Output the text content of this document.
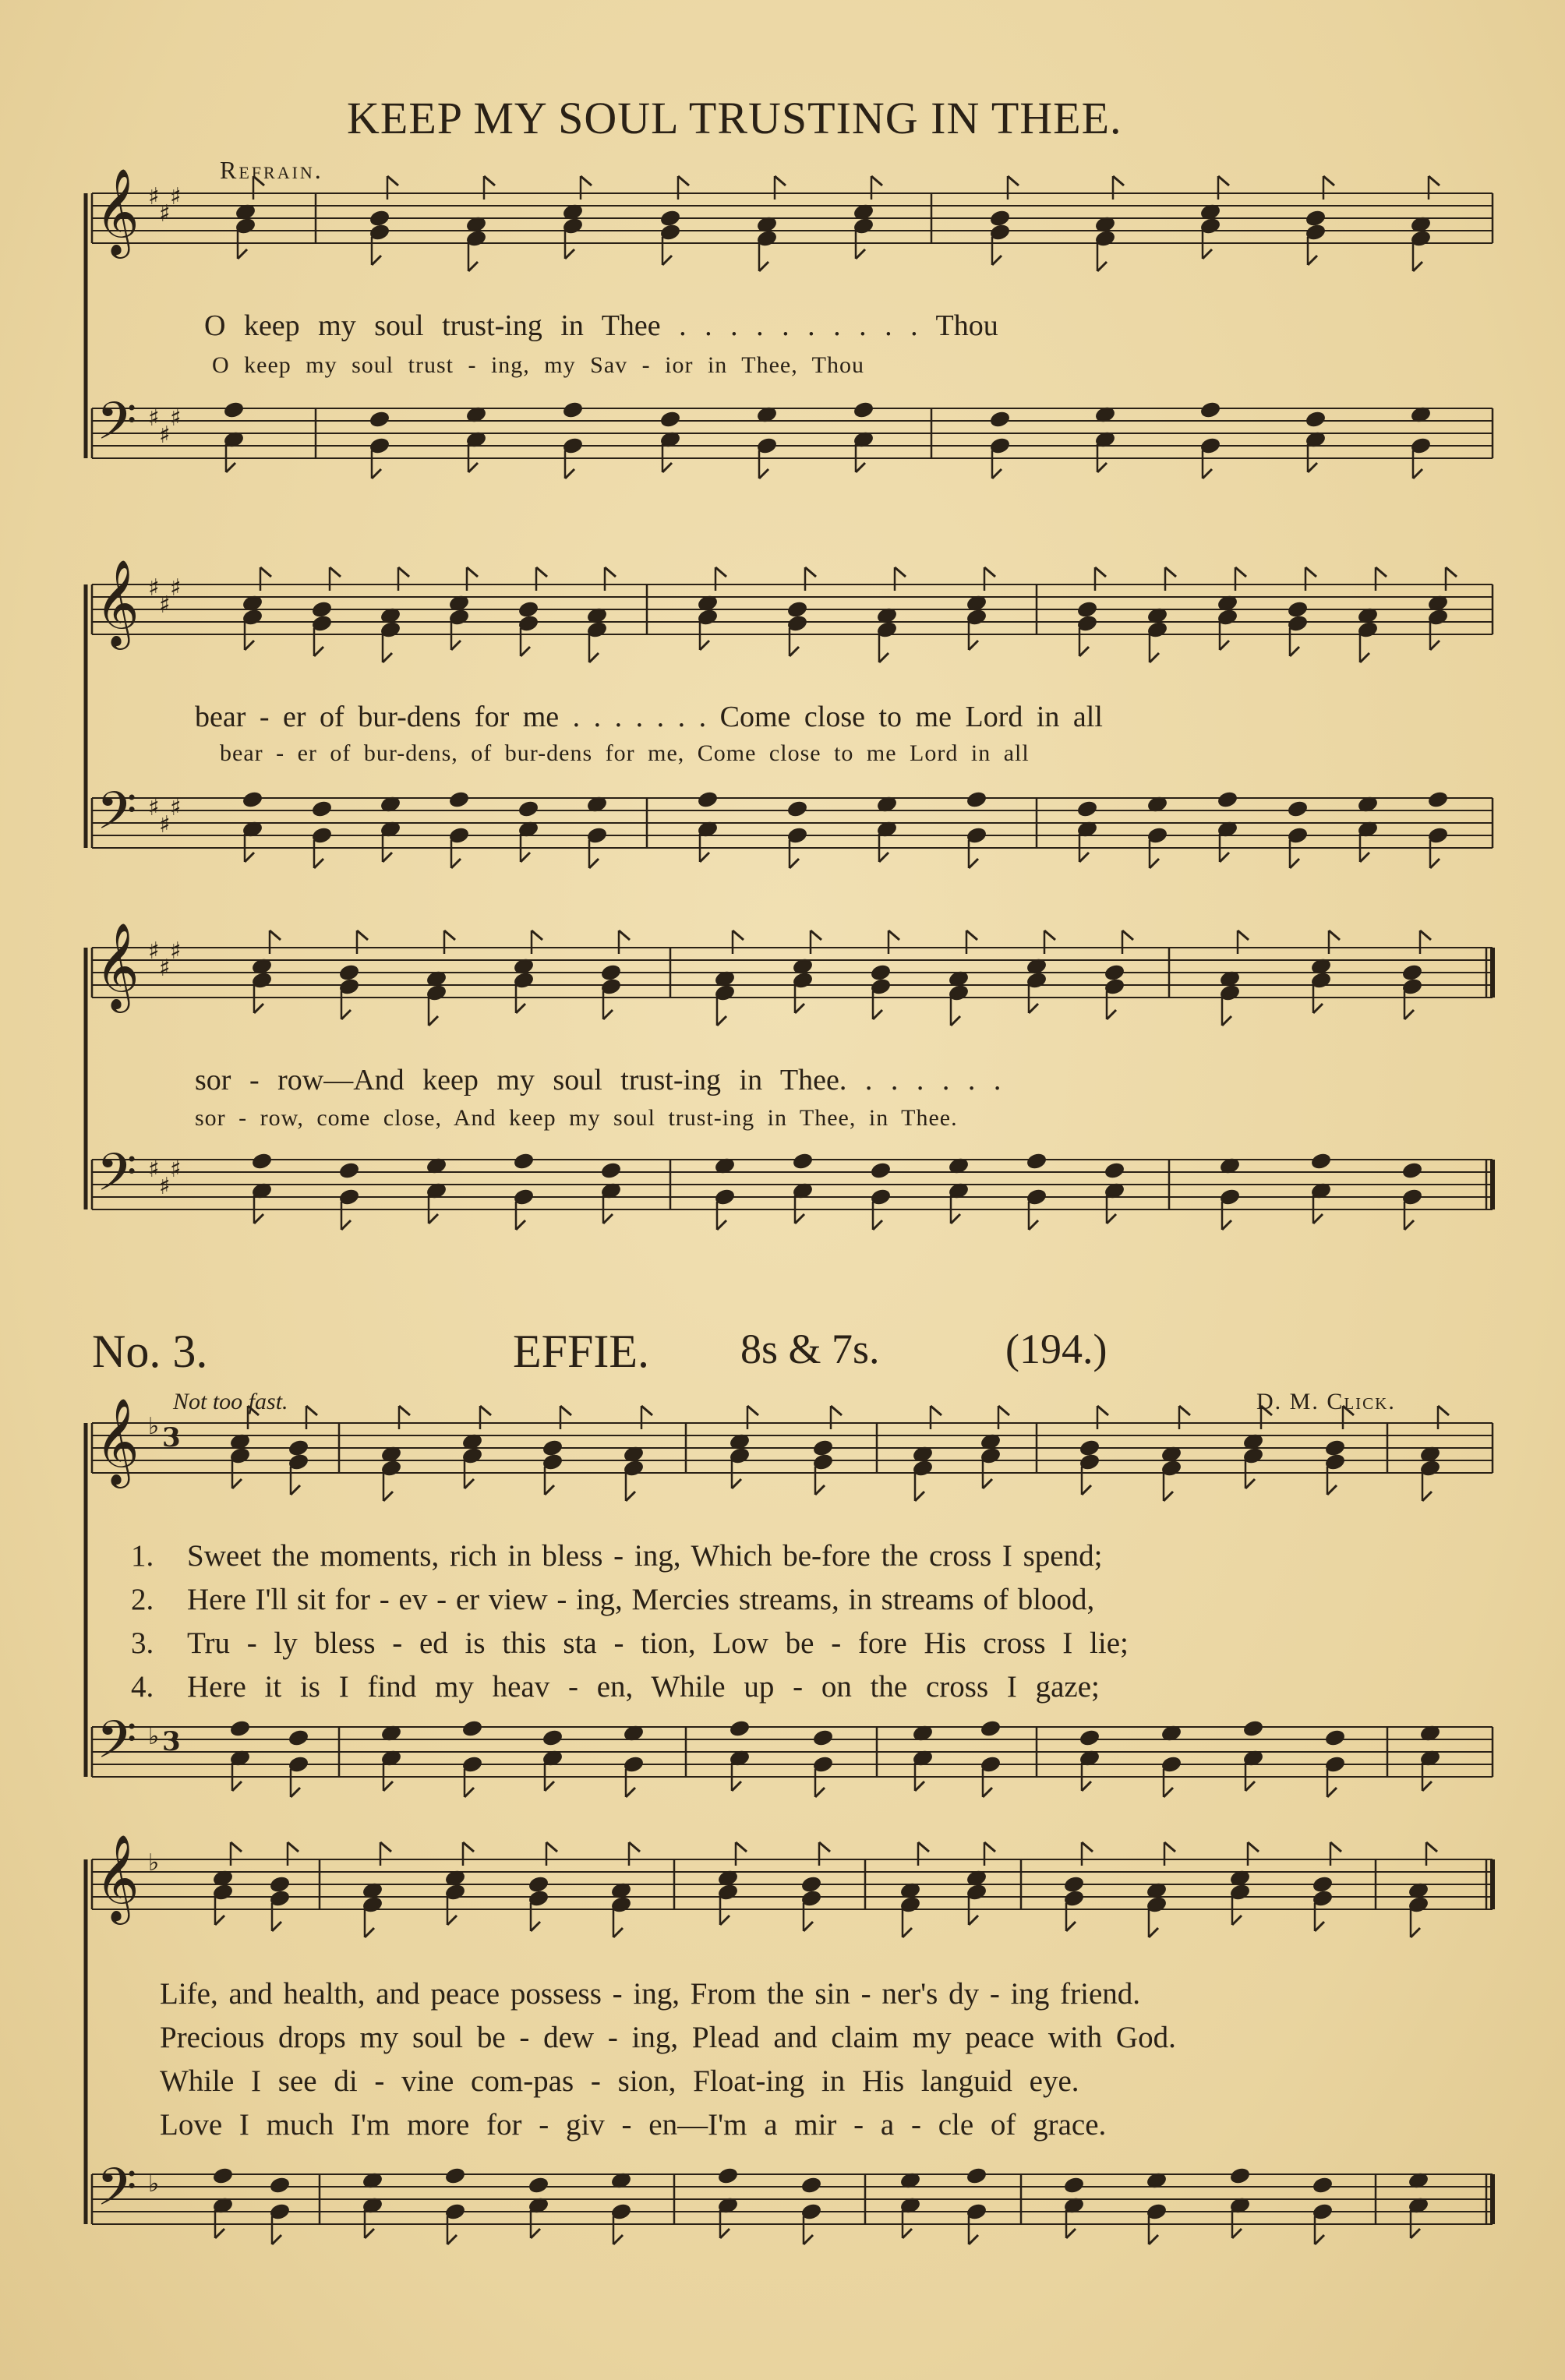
𝄞
𝄢
♯
♯
♯
♯
♯
♯
𝄞
𝄢
♯
♯
♯
♯
♯
♯
𝄞
𝄢
♯
♯
♯
♯
♯
♯
𝄞
𝄢
♭
♭
3
3
𝄞
𝄢
♭
♭
KEEP MY SOUL TRUSTING IN THEE.
Refrain.
O keep my soul trust-ing in Thee . . . . . . . . . . Thou
O keep my soul trust - ing, my Sav - ior in Thee, Thou
bear - er of bur-dens for me . . . . . . . Come close to me Lord in all
bear - er of bur-dens, of bur-dens for me, Come close to me Lord in all
sor - row—And keep my soul trust-ing in Thee. . . . . . .
sor - row, come close, And keep my soul trust-ing in Thee, in Thee.
No. 3.	EFFIE. 8s & 7s.	(194.)
Not too fast.	D. M. Click.
1. Sweet the moments, rich in bless - ing, Which be-fore the cross I spend;
2. Here I'll sit for - ev - er view - ing, Mercies streams, in streams of blood,
3. Tru - ly bless - ed is this sta - tion, Low be - fore His cross I lie;
4. Here it is I find my heav - en, While up - on the cross I gaze;
Life, and health, and peace possess - ing, From the sin - ner's dy - ing friend.
Precious drops my soul be - dew - ing, Plead and claim my peace with God.
While I see di - vine com-pas - sion, Float-ing in His languid eye.
Love I much I'm more for - giv - en—I'm a mir - a - cle of grace.
